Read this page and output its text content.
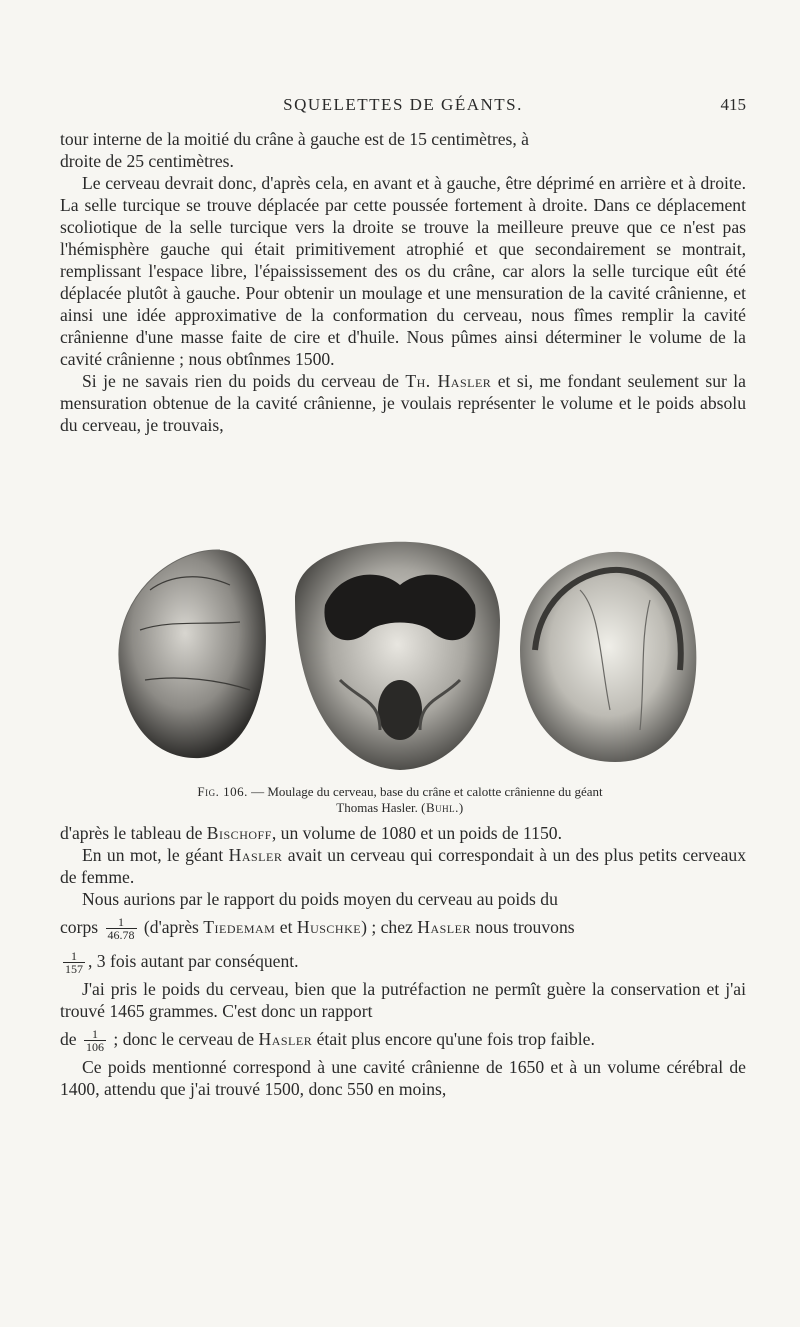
SQUELETTES DE GÉANTS.	415

tour interne de la moitié du crâne à gauche est de 15 centimètres, à
droite de 25 centimètres.

Le cerveau devrait donc, d'après cela, en avant et à gauche, être déprimé en arrière et à droite. La selle turcique se trouve déplacée par cette poussée fortement à droite. Dans ce déplacement scoliotique de la selle turcique vers la droite se trouve la meilleure preuve que ce n'est pas l'hémisphère gauche qui était primitivement atrophié et que secondairement se montrait, remplissant l'espace libre, l'épaississement des os du crâne, car alors la selle turcique eût été déplacée plutôt à gauche. Pour obtenir un moulage et une mensuration de la cavité crânienne, et ainsi une idée approximative de la conformation du cerveau, nous fîmes remplir la cavité crânienne d'une masse faite de cire et d'huile. Nous pûmes ainsi déterminer le volume de la cavité crânienne ; nous obtînmes 1500.

Si je ne savais rien du poids du cerveau de Th. Hasler et si, me fondant seulement sur la mensuration obtenue de la cavité crânienne, je voulais représenter le volume et le poids absolu du cerveau, je trouvais,

Fig. 106. — Moulage du cerveau, base du crâne et calotte crânienne du géant
Thomas Hasler. (Buhl.)

d'après le tableau de Bischoff, un volume de 1080 et un poids de 1150.

En un mot, le géant Hasler avait un cerveau qui correspondait à un des plus petits cerveaux de femme.

Nous aurions par le rapport du poids moyen du cerveau au poids du

corps $\frac{1}{46.78}$ (d'après Tiedemam et Huschke) ; chez Hasler nous trouvons

$\frac{1}{157}$ , 3 fois autant par conséquent.

J'ai pris le poids du cerveau, bien que la putréfaction ne permît guère la conservation et j'ai trouvé 1465 grammes. C'est donc un rapport

de $\frac{1}{106}$ ; donc le cerveau de Hasler était plus encore qu'une fois trop faible.

Ce poids mentionné correspond à une cavité crânienne de 1650 et à un volume cérébral de 1400, attendu que j'ai trouvé 1500, donc 550 en moins,
